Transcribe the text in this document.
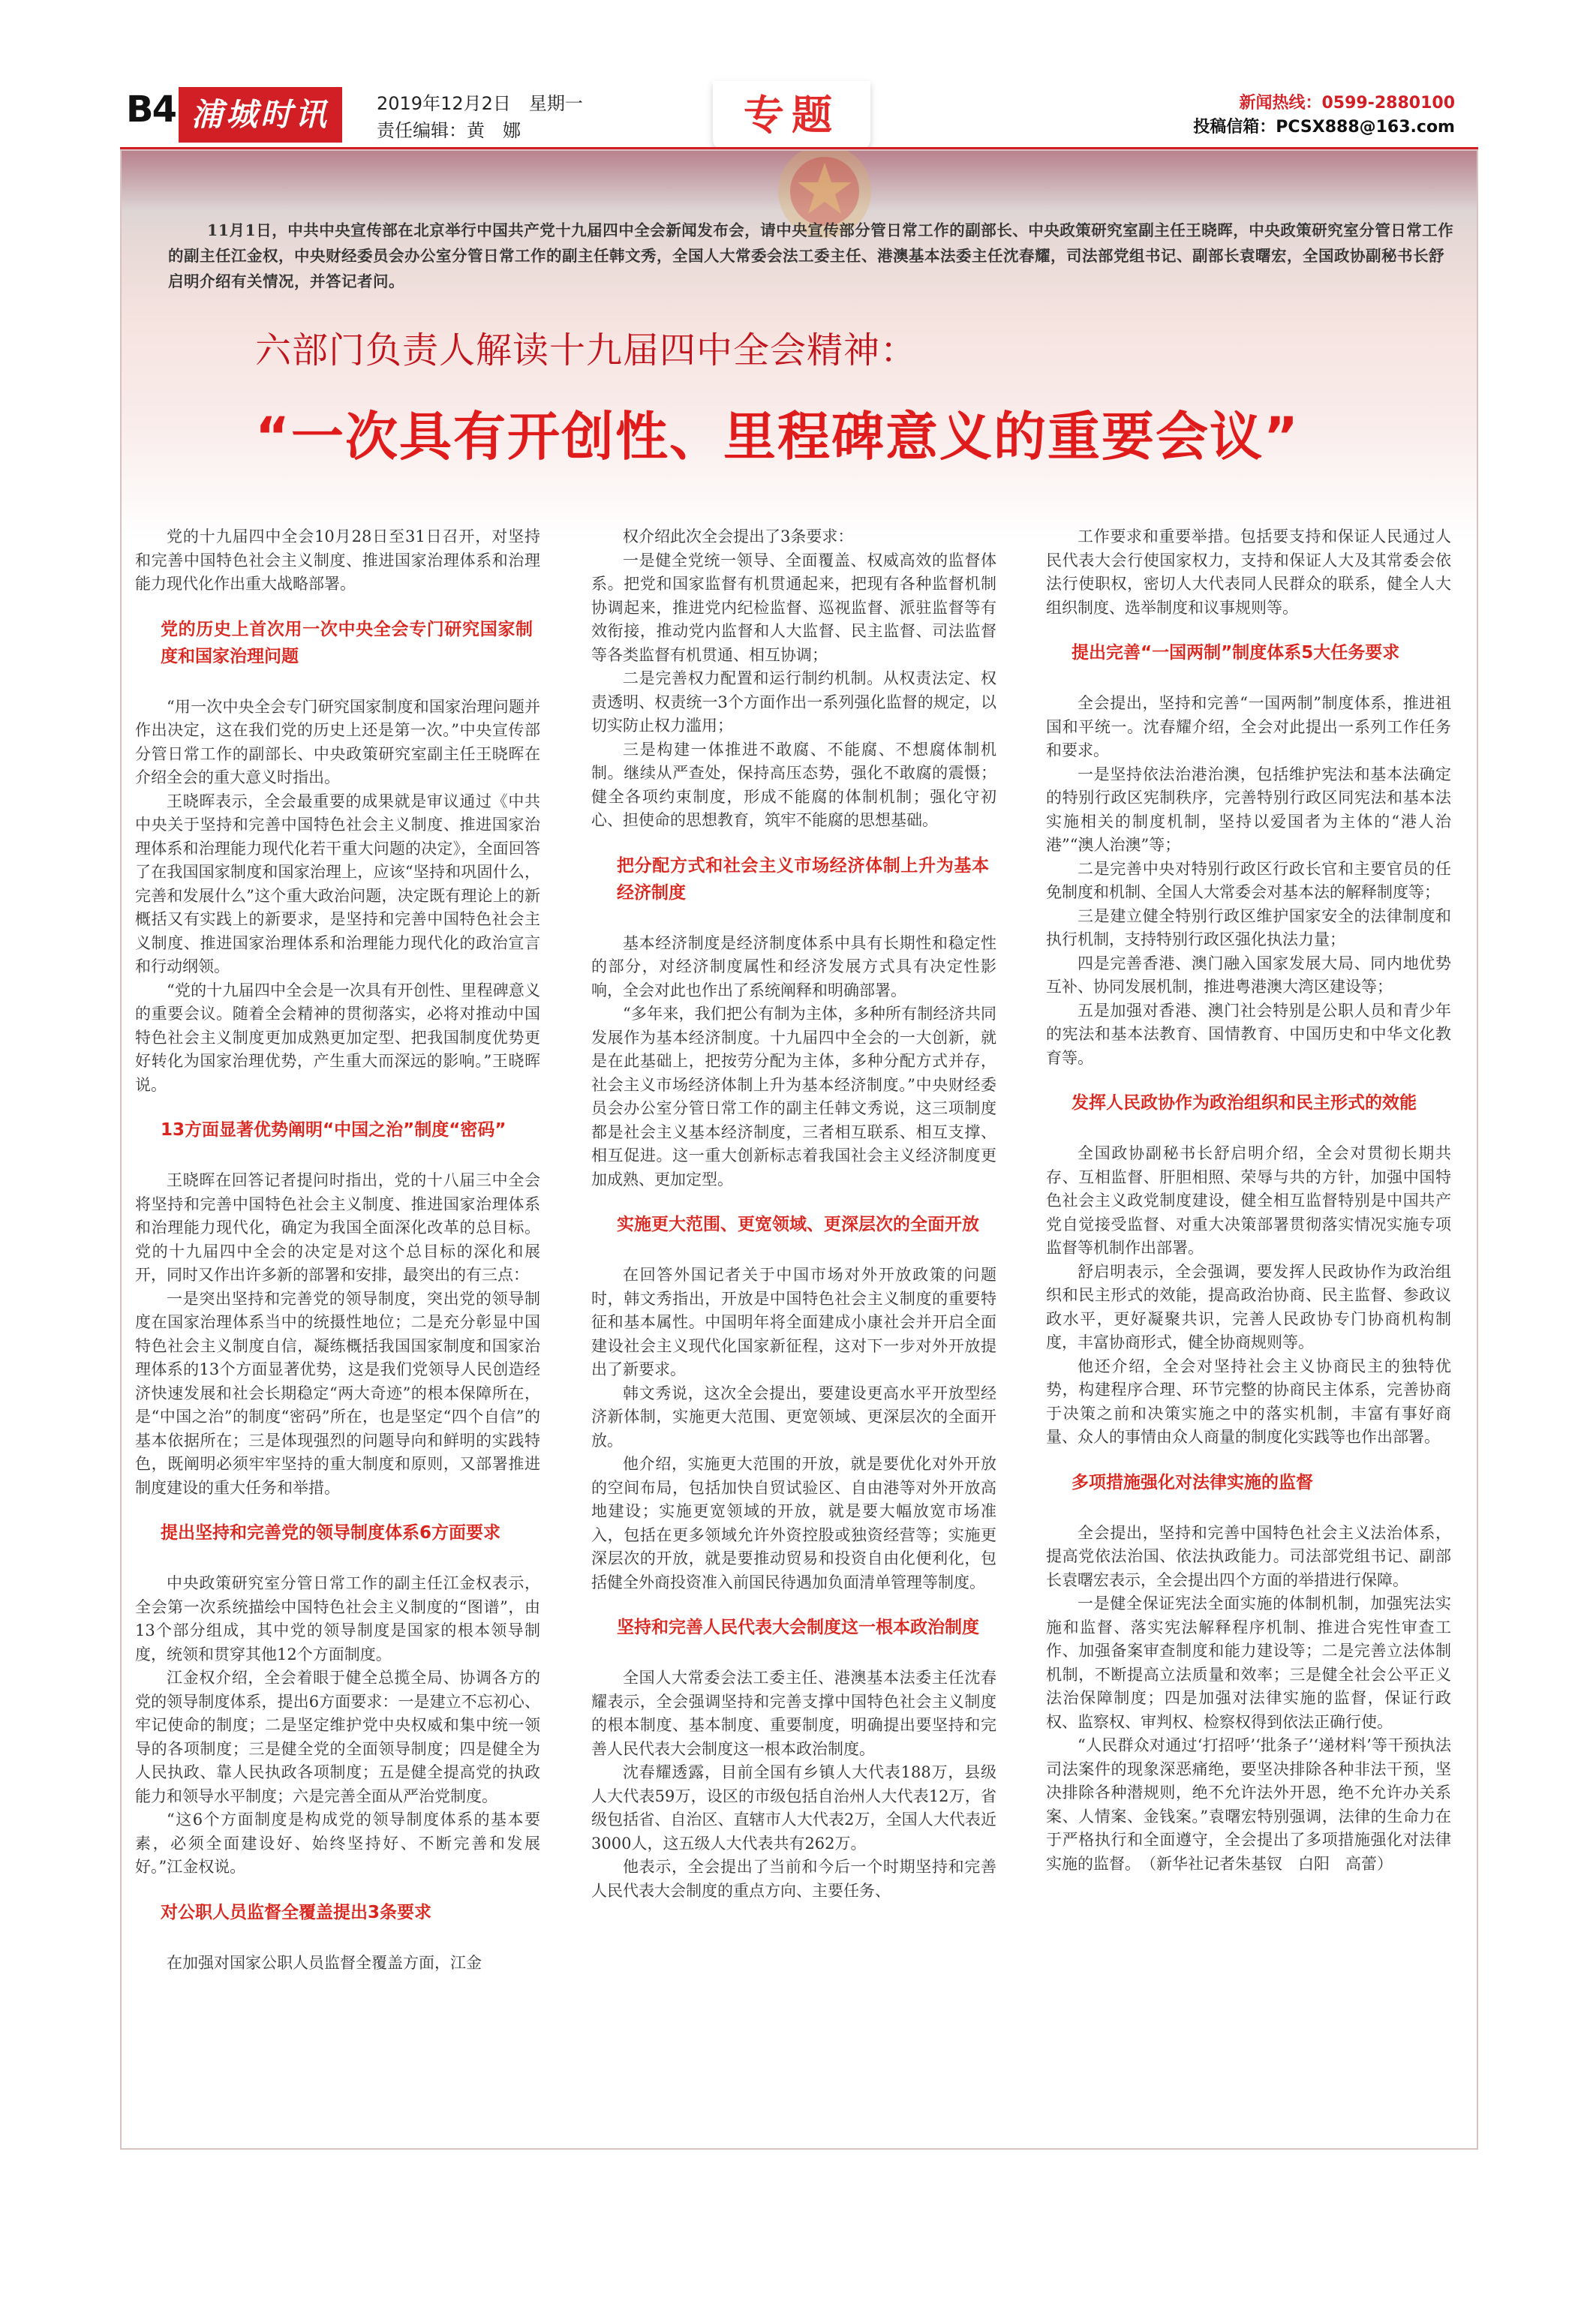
B4 浦城时讯	2019年12月2日　星期一
责任编辑：黄　娜	专题	新闻热线：0599-2880100
投稿信箱：PCSX888@163.com

11月1日，中共中央宣传部在北京举行中国共产党十九届四中全会新闻发布会，请中央宣传部分管日常工作的副部长、中央政策研究室副主任王晓晖，中央政策研究室分管日常工作的副主任江金权，中央财经委员会办公室分管日常工作的副主任韩文秀，全国人大常委会法工委主任、港澳基本法委主任沈春耀，司法部党组书记、副部长袁曙宏，全国政协副秘书长舒启明介绍有关情况，并答记者问。

六部门负责人解读十九届四中全会精神：
“一次具有开创性、里程碑意义的重要会议”

党的十九届四中全会10月28日至31日召开，对坚持和完善中国特色社会主义制度、推进国家治理体系和治理能力现代化作出重大战略部署。

党的历史上首次用一次中央全会专门研究国家制度和国家治理问题

“用一次中央全会专门研究国家制度和国家治理问题并作出决定，这在我们党的历史上还是第一次。”中央宣传部分管日常工作的副部长、中央政策研究室副主任王晓晖在介绍全会的重大意义时指出。

王晓晖表示，全会最重要的成果就是审议通过《中共中央关于坚持和完善中国特色社会主义制度、推进国家治理体系和治理能力现代化若干重大问题的决定》，全面回答了在我国国家制度和国家治理上，应该“坚持和巩固什么，完善和发展什么”这个重大政治问题，决定既有理论上的新概括又有实践上的新要求，是坚持和完善中国特色社会主义制度、推进国家治理体系和治理能力现代化的政治宣言和行动纲领。

“党的十九届四中全会是一次具有开创性、里程碑意义的重要会议。随着全会精神的贯彻落实，必将对推动中国特色社会主义制度更加成熟更加定型、把我国制度优势更好转化为国家治理优势，产生重大而深远的影响。”王晓晖说。

13方面显著优势阐明“中国之治”制度“密码”

王晓晖在回答记者提问时指出，党的十八届三中全会将坚持和完善中国特色社会主义制度、推进国家治理体系和治理能力现代化，确定为我国全面深化改革的总目标。党的十九届四中全会的决定是对这个总目标的深化和展开，同时又作出许多新的部署和安排，最突出的有三点：

一是突出坚持和完善党的领导制度，突出党的领导制度在国家治理体系当中的统摄性地位；二是充分彰显中国特色社会主义制度自信，凝练概括我国国家制度和国家治理体系的13个方面显著优势，这是我们党领导人民创造经济快速发展和社会长期稳定“两大奇迹”的根本保障所在，是“中国之治”的制度“密码”所在，也是坚定“四个自信”的基本依据所在；三是体现强烈的问题导向和鲜明的实践特色，既阐明必须牢牢坚持的重大制度和原则，又部署推进制度建设的重大任务和举措。

提出坚持和完善党的领导制度体系6方面要求

中央政策研究室分管日常工作的副主任江金权表示，全会第一次系统描绘中国特色社会主义制度的“图谱”，由13个部分组成，其中党的领导制度是国家的根本领导制度，统领和贯穿其他12个方面制度。

江金权介绍，全会着眼于健全总揽全局、协调各方的党的领导制度体系，提出6方面要求：一是建立不忘初心、牢记使命的制度；二是坚定维护党中央权威和集中统一领导的各项制度；三是健全党的全面领导制度；四是健全为人民执政、靠人民执政各项制度；五是健全提高党的执政能力和领导水平制度；六是完善全面从严治党制度。

“这6个方面制度是构成党的领导制度体系的基本要素，必须全面建设好、始终坚持好、不断完善和发展好。”江金权说。

对公职人员监督全覆盖提出3条要求

在加强对国家公职人员监督全覆盖方面，江金

权介绍此次全会提出了3条要求：

一是健全党统一领导、全面覆盖、权威高效的监督体系。把党和国家监督有机贯通起来，把现有各种监督机制协调起来，推进党内纪检监督、巡视监督、派驻监督等有效衔接，推动党内监督和人大监督、民主监督、司法监督等各类监督有机贯通、相互协调；

二是完善权力配置和运行制约机制。从权责法定、权责透明、权责统一3个方面作出一系列强化监督的规定，以切实防止权力滥用；

三是构建一体推进不敢腐、不能腐、不想腐体制机制。继续从严查处，保持高压态势，强化不敢腐的震慑；健全各项约束制度，形成不能腐的体制机制；强化守初心、担使命的思想教育，筑牢不能腐的思想基础。

把分配方式和社会主义市场经济体制上升为基本经济制度

基本经济制度是经济制度体系中具有长期性和稳定性的部分，对经济制度属性和经济发展方式具有决定性影响，全会对此也作出了系统阐释和明确部署。

“多年来，我们把公有制为主体，多种所有制经济共同发展作为基本经济制度。十九届四中全会的一大创新，就是在此基础上，把按劳分配为主体，多种分配方式并存，社会主义市场经济体制上升为基本经济制度。”中央财经委员会办公室分管日常工作的副主任韩文秀说，这三项制度都是社会主义基本经济制度，三者相互联系、相互支撑、相互促进。这一重大创新标志着我国社会主义经济制度更加成熟、更加定型。

实施更大范围、更宽领域、更深层次的全面开放

在回答外国记者关于中国市场对外开放政策的问题时，韩文秀指出，开放是中国特色社会主义制度的重要特征和基本属性。中国明年将全面建成小康社会并开启全面建设社会主义现代化国家新征程，这对下一步对外开放提出了新要求。

韩文秀说，这次全会提出，要建设更高水平开放型经济新体制，实施更大范围、更宽领域、更深层次的全面开放。

他介绍，实施更大范围的开放，就是要优化对外开放的空间布局，包括加快自贸试验区、自由港等对外开放高地建设；实施更宽领域的开放，就是要大幅放宽市场准入，包括在更多领域允许外资控股或独资经营等；实施更深层次的开放，就是要推动贸易和投资自由化便利化，包括健全外商投资准入前国民待遇加负面清单管理等制度。

坚持和完善人民代表大会制度这一根本政治制度

全国人大常委会法工委主任、港澳基本法委主任沈春耀表示，全会强调坚持和完善支撑中国特色社会主义制度的根本制度、基本制度、重要制度，明确提出要坚持和完善人民代表大会制度这一根本政治制度。

沈春耀透露，目前全国有乡镇人大代表188万，县级人大代表59万，设区的市级包括自治州人大代表12万，省级包括省、自治区、直辖市人大代表2万，全国人大代表近3000人，这五级人大代表共有262万。

他表示，全会提出了当前和今后一个时期坚持和完善人民代表大会制度的重点方向、主要任务、

工作要求和重要举措。包括要支持和保证人民通过人民代表大会行使国家权力，支持和保证人大及其常委会依法行使职权，密切人大代表同人民群众的联系，健全人大组织制度、选举制度和议事规则等。

提出完善“一国两制”制度体系5大任务要求

全会提出，坚持和完善“一国两制”制度体系，推进祖国和平统一。沈春耀介绍，全会对此提出一系列工作任务和要求。

一是坚持依法治港治澳，包括维护宪法和基本法确定的特别行政区宪制秩序，完善特别行政区同宪法和基本法实施相关的制度机制，坚持以爱国者为主体的“港人治港”“澳人治澳”等；

二是完善中央对特别行政区行政长官和主要官员的任免制度和机制、全国人大常委会对基本法的解释制度等；

三是建立健全特别行政区维护国家安全的法律制度和执行机制，支持特别行政区强化执法力量；

四是完善香港、澳门融入国家发展大局、同内地优势互补、协同发展机制，推进粤港澳大湾区建设等；

五是加强对香港、澳门社会特别是公职人员和青少年的宪法和基本法教育、国情教育、中国历史和中华文化教育等。

发挥人民政协作为政治组织和民主形式的效能

全国政协副秘书长舒启明介绍，全会对贯彻长期共存、互相监督、肝胆相照、荣辱与共的方针，加强中国特色社会主义政党制度建设，健全相互监督特别是中国共产党自觉接受监督、对重大决策部署贯彻落实情况实施专项监督等机制作出部署。

舒启明表示，全会强调，要发挥人民政协作为政治组织和民主形式的效能，提高政治协商、民主监督、参政议政水平，更好凝聚共识，完善人民政协专门协商机构制度，丰富协商形式，健全协商规则等。

他还介绍，全会对坚持社会主义协商民主的独特优势，构建程序合理、环节完整的协商民主体系，完善协商于决策之前和决策实施之中的落实机制，丰富有事好商量、众人的事情由众人商量的制度化实践等也作出部署。

多项措施强化对法律实施的监督

全会提出，坚持和完善中国特色社会主义法治体系，提高党依法治国、依法执政能力。司法部党组书记、副部长袁曙宏表示，全会提出四个方面的举措进行保障。

一是健全保证宪法全面实施的体制机制，加强宪法实施和监督、落实宪法解释程序机制、推进合宪性审查工作、加强备案审查制度和能力建设等；二是完善立法体制机制，不断提高立法质量和效率；三是健全社会公平正义法治保障制度；四是加强对法律实施的监督，保证行政权、监察权、审判权、检察权得到依法正确行使。

“人民群众对通过‘打招呼’‘批条子’‘递材料’等干预执法司法案件的现象深恶痛绝，要坚决排除各种非法干预，坚决排除各种潜规则，绝不允许法外开恩，绝不允许办关系案、人情案、金钱案。”袁曙宏特别强调，法律的生命力在于严格执行和全面遵守，全会提出了多项措施强化对法律实施的监督。　（新华社记者朱基钗　白阳　高蕾）
